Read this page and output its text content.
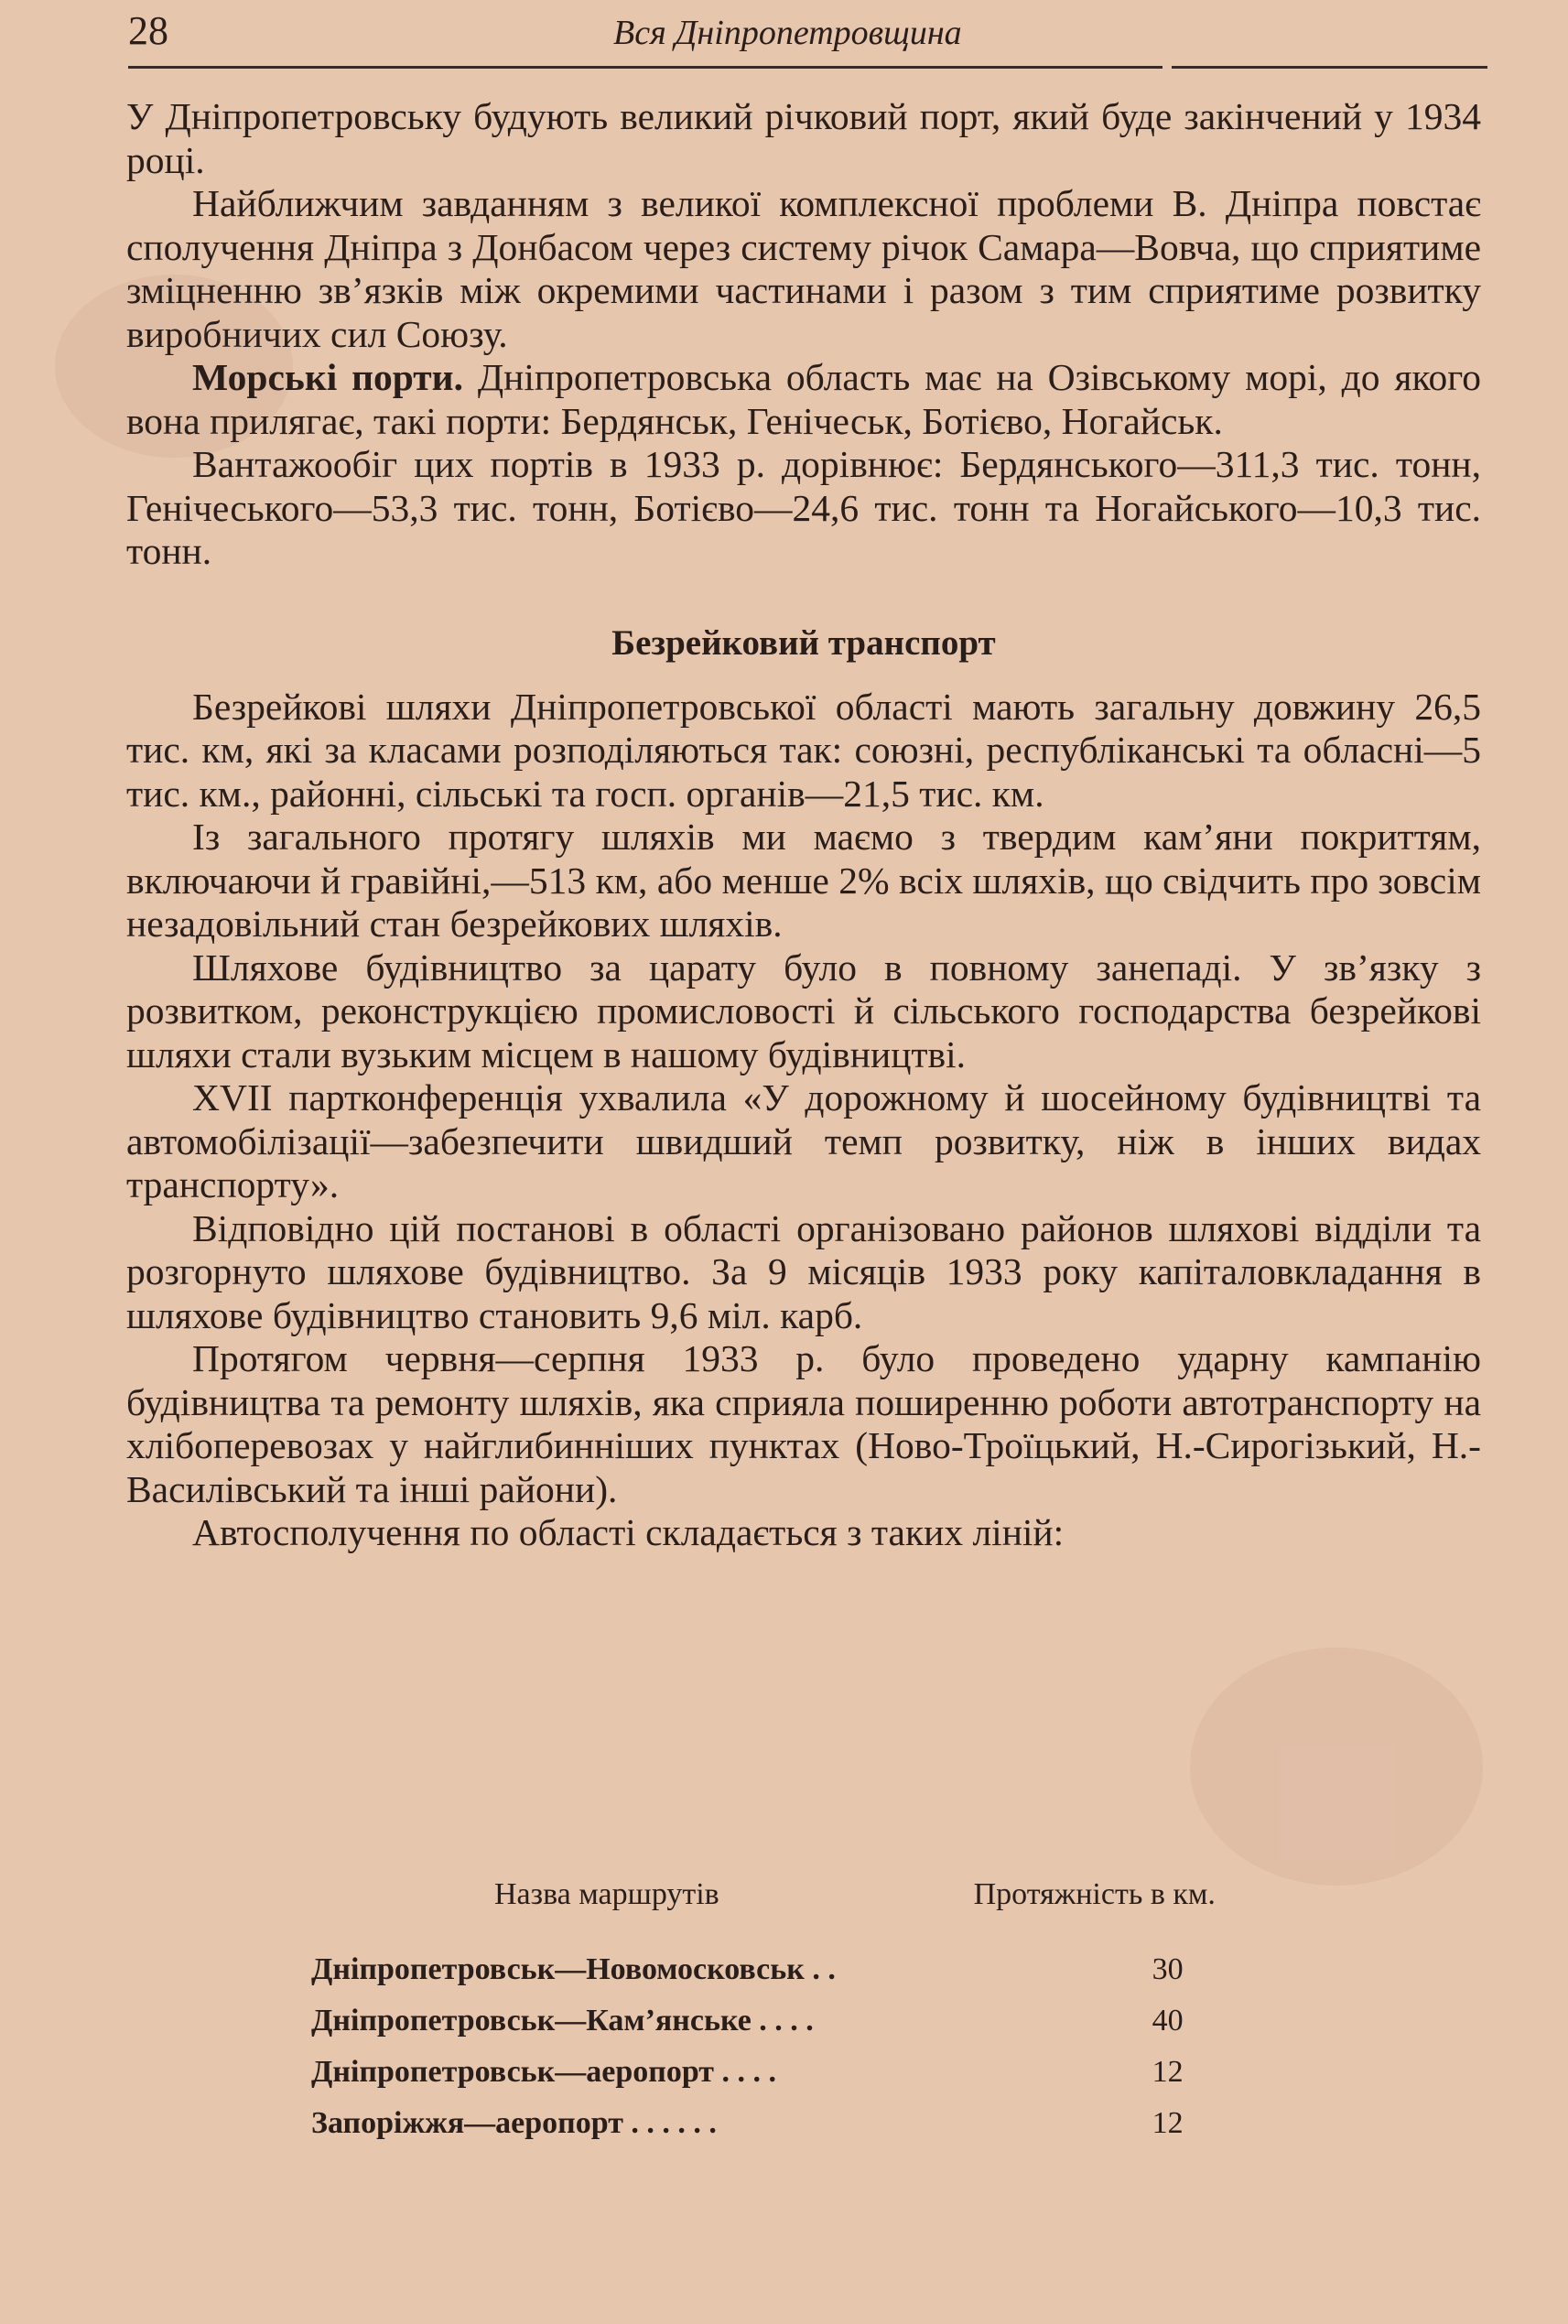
28	Вся Дніпропетровщина

У Дніпропетровську будують великий річковий порт, який буде закінчений у 1934 році.

Найближчим завданням з великої комплексної проблеми В. Дніпра повстає сполучення Дніпра з Донбасом через систему річок Самара—Вовча, що сприятиме зміцненню зв’язків між окремими частинами і разом з тим сприятиме розвитку виробничих сил Союзу.

Морські порти. Дніпропетровська область має на Озівському морі, до якого вона прилягає, такі порти: Бердянськ, Генічеськ, Ботієво, Ногайськ.

Вантажообіг цих портів в 1933 р. дорівнює: Бердянського—311,3 тис. тонн, Генічеського—53,3 тис. тонн, Ботієво—24,6 тис. тонн та Ногайського—10,3 тис. тонн.

Безрейковий транспорт

Безрейкові шляхи Дніпропетровської області мають загальну довжину 26,5 тис. км, які за класами розподіляються так: союзні, республіканські та обласні—5 тис. км., районні, сільські та госп. органів—21,5 тис. км.

Із загального протягу шляхів ми маємо з твердим кам’яни покриттям, включаючи й гравійні,—513 км, або менше 2% всіх шляхів, що свідчить про зовсім незадовільний стан безрейкових шляхів.

Шляхове будівництво за царату було в повному занепаді. У зв’язку з розвитком, реконструкцією промисловості й сільського господарства безрейкові шляхи стали вузьким місцем в нашому будівництві.

XVII партконференція ухвалила «У дорожному й шосейному будівництві та автомобілізації—забезпечити швидший темп розвитку, ніж в інших видах транспорту».

Відповідно цій постанові в області організовано районов шляхові відділи та розгорнуто шляхове будівництво. За 9 місяців 1933 року капіталовкладання в шляхове будівництво становить 9,6 міл. карб.

Протягом червня—серпня 1933 р. було проведено ударну кампанію будівництва та ремонту шляхів, яка сприяла поширенню роботи автотранспорту на хлібоперевозах у найглибинніших пунктах (Ново-Троїцький, Н.-Сирогізький, Н.-Василівський та інші райони).

Автосполучення по області складається з таких ліній:

Назва маршрутів	Протяжність в км.
Дніпропетровськ—Новомосковськ . .	30
Дніпропетровськ—Кам’янське . . . .	40
Дніпропетровськ—аеропорт . . . .	12
Запоріжжя—аеропорт . . . . . .	12
